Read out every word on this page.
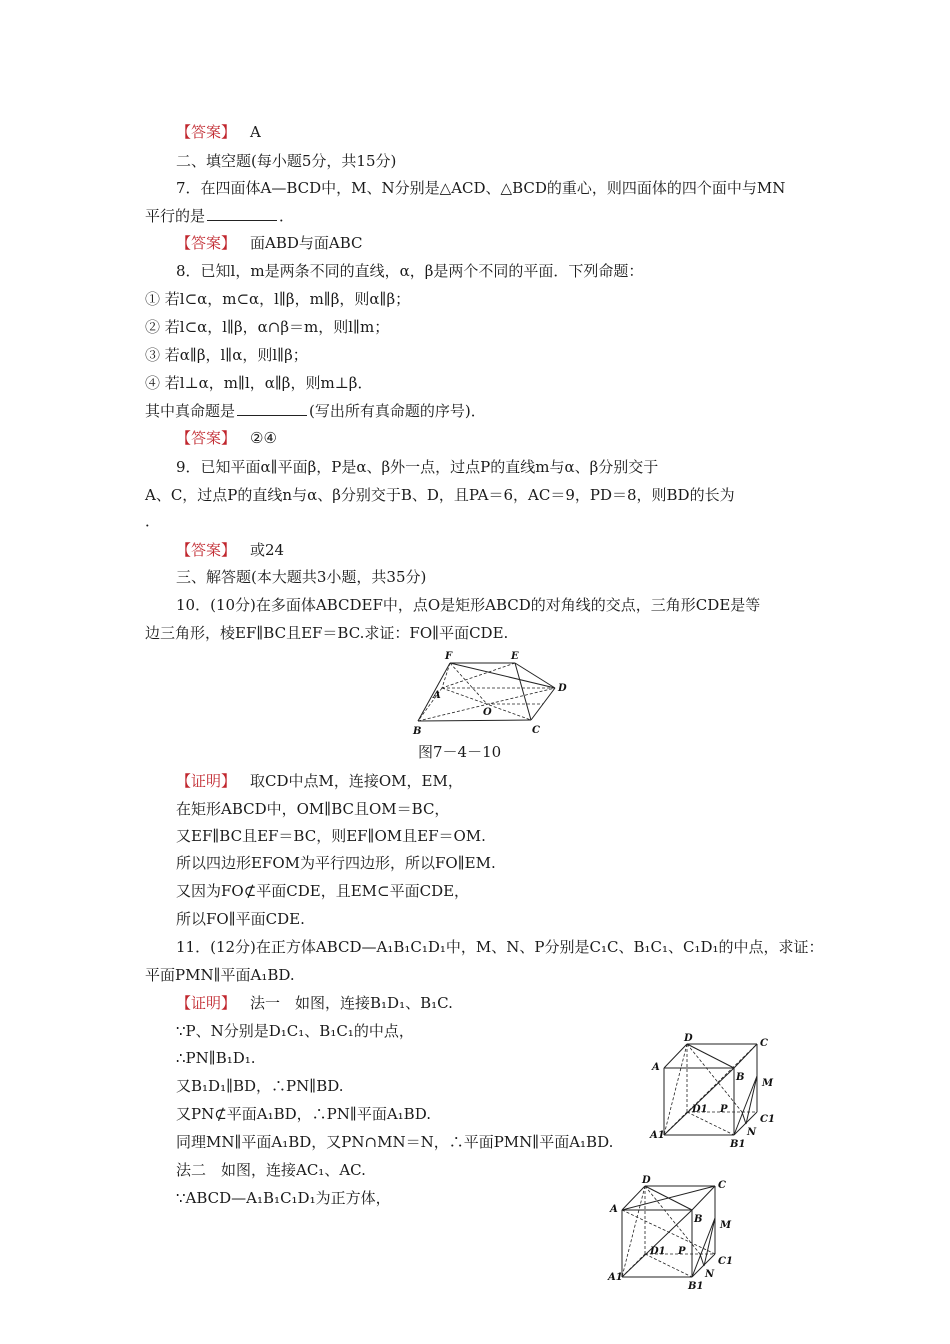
【答案】 A
二、填空题(每小题5分，共15分)
7．在四面体A—BCD中，M、N分别是△ACD、△BCD的重心，则四面体的四个面中与MN
平行的是	．
【答案】 面ABD与面ABC
8．已知l，m是两条不同的直线，α，β是两个不同的平面．下列命题：
① 若l⊂α，m⊂α，l∥β，m∥β，则α∥β；
② 若l⊂α，l∥β，α∩β＝m，则l∥m；
③ 若α∥β，l∥α，则l∥β；
④ 若l⊥α，m∥l，α∥β，则m⊥β．
其中真命题是	(写出所有真命题的序号)．
【答案】 ②④
9．已知平面α∥平面β，P是α、β外一点，过点P的直线m与α、β分别交于
A、C，过点P的直线n与α、β分别交于B、D，且PA＝6，AC＝9，PD＝8，则BD的长为
．
【答案】 或24
三、解答题(本大题共3小题，共35分)
10．(10分)在多面体ABCDEF中，点O是矩形ABCD的对角线的交点，三角形CDE是等
边三角形，棱EF∥BC且EF＝BC.求证：FO∥平面CDE.
F	E
A
D
O
B	C
图7－4－10
【证明】 取CD中点M，连接OM，EM，
在矩形ABCD中，OM∥BC且OM＝BC，
又EF∥BC且EF＝BC，则EF∥OM且EF＝OM.
所以四边形EFOM为平行四边形，所以FO∥EM.
又因为FO⊄平面CDE，且EM⊂平面CDE，
所以FO∥平面CDE.
11．(12分)在正方体ABCD—A₁B₁C₁D₁中，M、N、P分别是C₁C、B₁C₁、C₁D₁的中点，求证：
平面PMN∥平面A₁BD.
【证明】 法一　如图，连接B₁D₁、B₁C.
∵P、N分别是D₁C₁、B₁C₁的中点，
∴PN∥B₁D₁.
又B₁D₁∥BD，∴PN∥BD.
又PN⊄平面A₁BD，∴PN∥平面A₁BD.
同理MN∥平面A₁BD，又PN∩MN＝N，∴平面PMN∥平面A₁BD.
法二　如图，连接AC₁、AC.
∵ABCD—A₁B₁C₁D₁为正方体，
D	C
A
B
M
D1 P
C1
A1	N
B1
D	C
A
B
M
D1 P
C1
A1	N
B1
